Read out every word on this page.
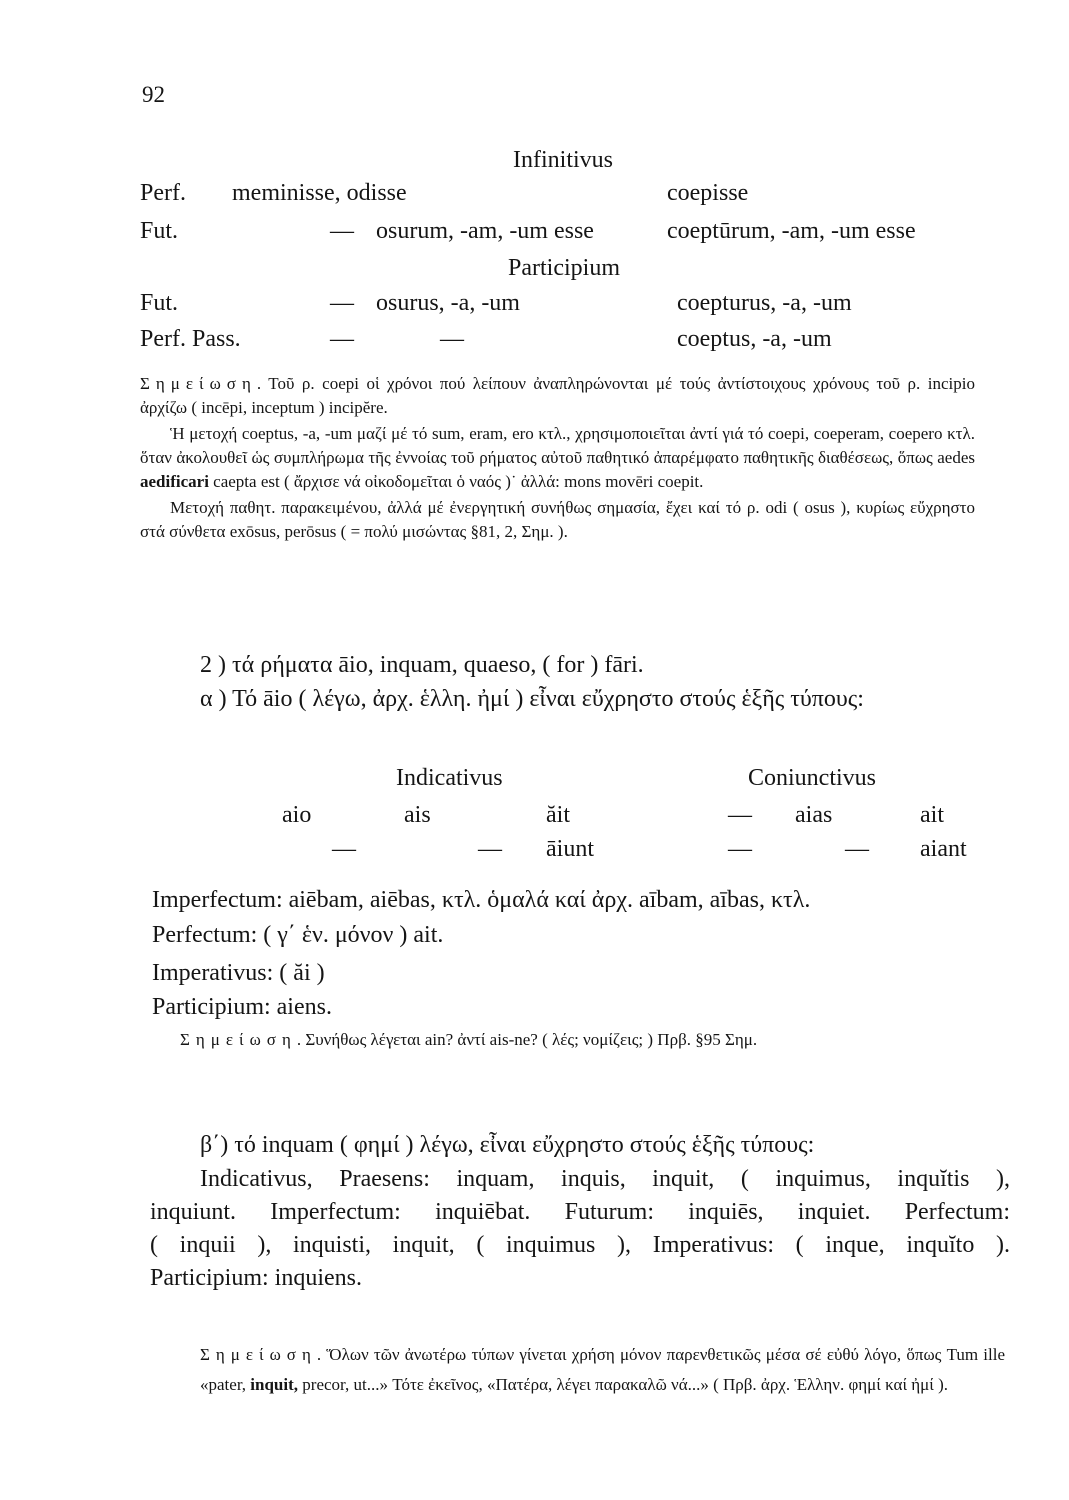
92
Infinitivus
Perf. meminisse, odisse	coepisse
Fut.	— osurum, -am, -um esse	coeptūrum, -am, -um esse
Participium
Fut.	— osurus, -a, -um	coepturus, -a, -um
Perf. Pass.	—	—	coeptus, -a, -um

Σημείωση. Τοῦ ρ. coepi οἱ χρόνοι πού λείπουν ἀναπληρώνονται μέ τούς ἀντίστοιχους χρόνους τοῦ ρ. incipio ἀρχίζω ( incēpi, inceptum ) incipĕre.

Ἡ μετοχή coeptus, -a, -um μαζί μέ τό sum, eram, ero κτλ., χρησιμοποιεῖται ἀντί γιά τό coepi, coeperam, coepero κτλ. ὅταν ἀκολουθεῖ ὡς συμπλήρωμα τῆς ἐννοίας τοῦ ρήματος αὐτοῦ παθητικό ἀπαρέμφατο παθητικῆς διαθέσεως, ὅπως aedes aedificari caepta est ( ἄρχισε νά οἰκοδομεῖται ὁ ναός )˙ ἀλλά: mons movēri coepit.

Μετοχή παθητ. παρακειμένου, ἀλλά μέ ἐνεργητική συνήθως σημασία, ἔχει καί τό ρ. odi ( osus ), κυρίως εὔχρηστο στά σύνθετα exōsus, perōsus ( = πολύ μισώντας §81, 2, Σημ. ).

2 ) τά ρήματα āio, inquam, quaeso, ( for ) fāri.
α ) Τό āio ( λέγω, ἀρχ. ἑλλη. ἠμί ) εἶναι εὔχρηστο στούς ἑξῆς τύπους:
Indicativus	Coniunctivus
aio	ais	ăit	— aias	ait
—	— āiunt	—	— aiant
Imperfectum: aiēbam, aiēbas, κτλ. ὁμαλά καί ἀρχ. aībam, aības, κτλ.
Perfectum: ( γ΄ ἑν. μόνον ) ait.
Imperativus: ( ăi )
Participium: aiens.

Σημείωση. Συνήθως λέγεται ain? ἀντί ais-ne? ( λές; νομίζεις; ) Πρβ. §95 Σημ.

β΄) τό inquam ( φημί ) λέγω, εἶναι εὔχρηστο στούς ἑξῆς τύπους:

Indicativus, Praesens: inquam, inquis, inquit, ( inquimus, inquĭtis ),

inquiunt. Imperfectum: inquiēbat. Futurum: inquiēs, inquiet. Perfectum:

( inquii ), inquisti, inquit, ( inquimus ), Imperativus: ( inque, inquĭto ).

Participium: inquiens.

Σημείωση. Ὅλων τῶν ἀνωτέρω τύπων γίνεται χρήση μόνον παρενθετικῶς μέσα σέ εὐθύ λόγο, ὅπως Tum ille «pater, inquit, precor, ut...» Τότε ἐκεῖνος, «Πατέρα, λέγει παρακαλῶ νά...» ( Πρβ. ἀρχ. Ἑλλην. φημί καί ἠμί ).
